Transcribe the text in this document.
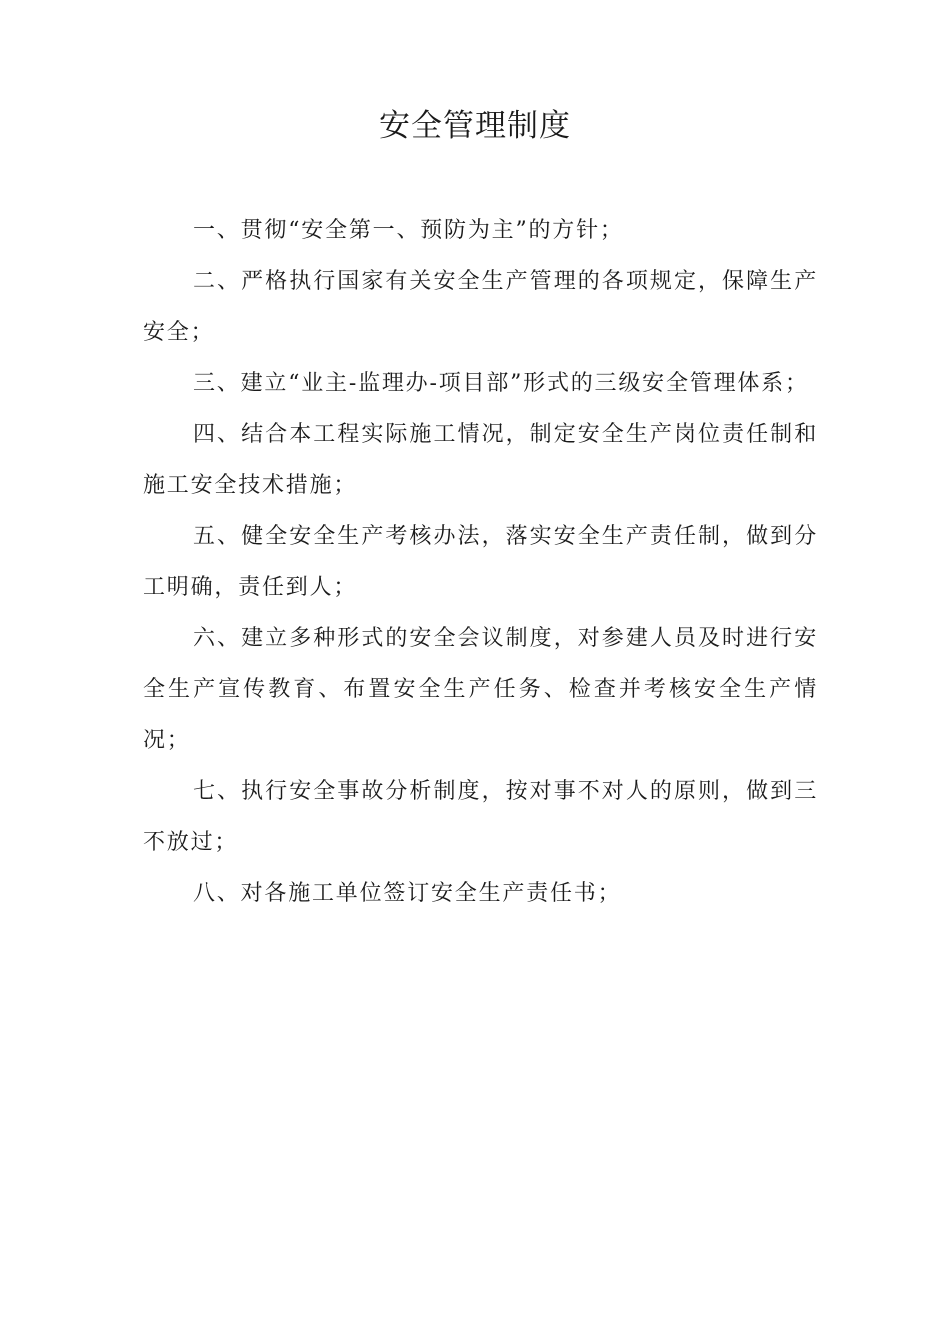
安全管理制度

一、贯彻“安全第一、预防为主”的方针；

二、严格执行国家有关安全生产管理的各项规定，保障生产安全；

三、建立“业主-监理办-项目部”形式的三级安全管理体系；

四、结合本工程实际施工情况，制定安全生产岗位责任制和施工安全技术措施；

五、健全安全生产考核办法，落实安全生产责任制，做到分工明确，责任到人；

六、建立多种形式的安全会议制度，对参建人员及时进行安全生产宣传教育、布置安全生产任务、检查并考核安全生产情况；

七、执行安全事故分析制度，按对事不对人的原则，做到三不放过；

八、对各施工单位签订安全生产责任书；
